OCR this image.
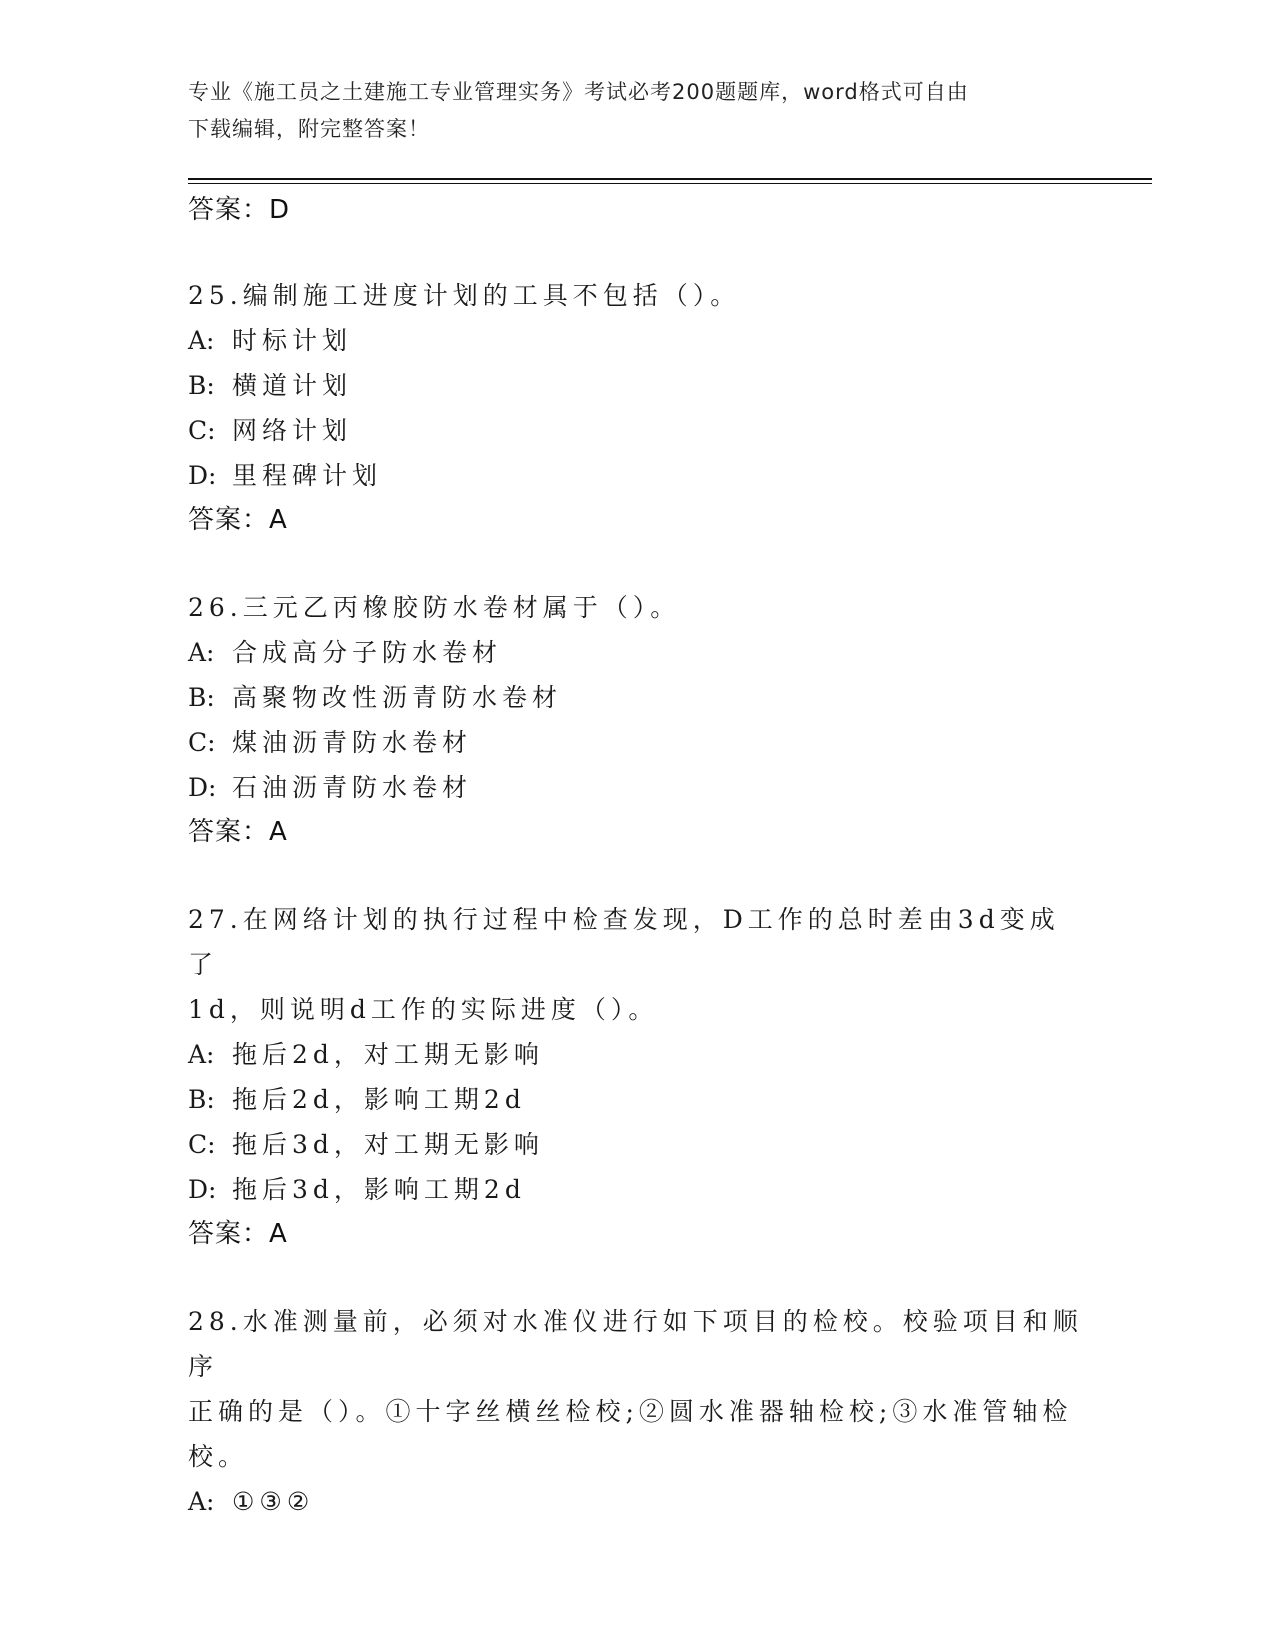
专业《施工员之土建施工专业管理实务》考试必考200题题库，word格式可自由
下载编辑，附完整答案！
答案：D
25.编制施工进度计划的工具不包括（）。
A: 时标计划
B: 横道计划
C: 网络计划
D: 里程碑计划
答案：A
26.三元乙丙橡胶防水卷材属于（）。
A: 合成高分子防水卷材
B: 高聚物改性沥青防水卷材
C: 煤油沥青防水卷材
D: 石油沥青防水卷材
答案：A
27.在网络计划的执行过程中检查发现，D工作的总时差由3d变成了
1d，则说明d工作的实际进度（）。
A: 拖后2d，对工期无影响
B: 拖后2d，影响工期2d
C: 拖后3d，对工期无影响
D: 拖后3d，影响工期2d
答案：A
28.水准测量前，必须对水准仪进行如下项目的检校。校验项目和顺序
正确的是（）。①十字丝横丝检校;②圆水准器轴检校;③水准管轴检
校。
A: ①③②
